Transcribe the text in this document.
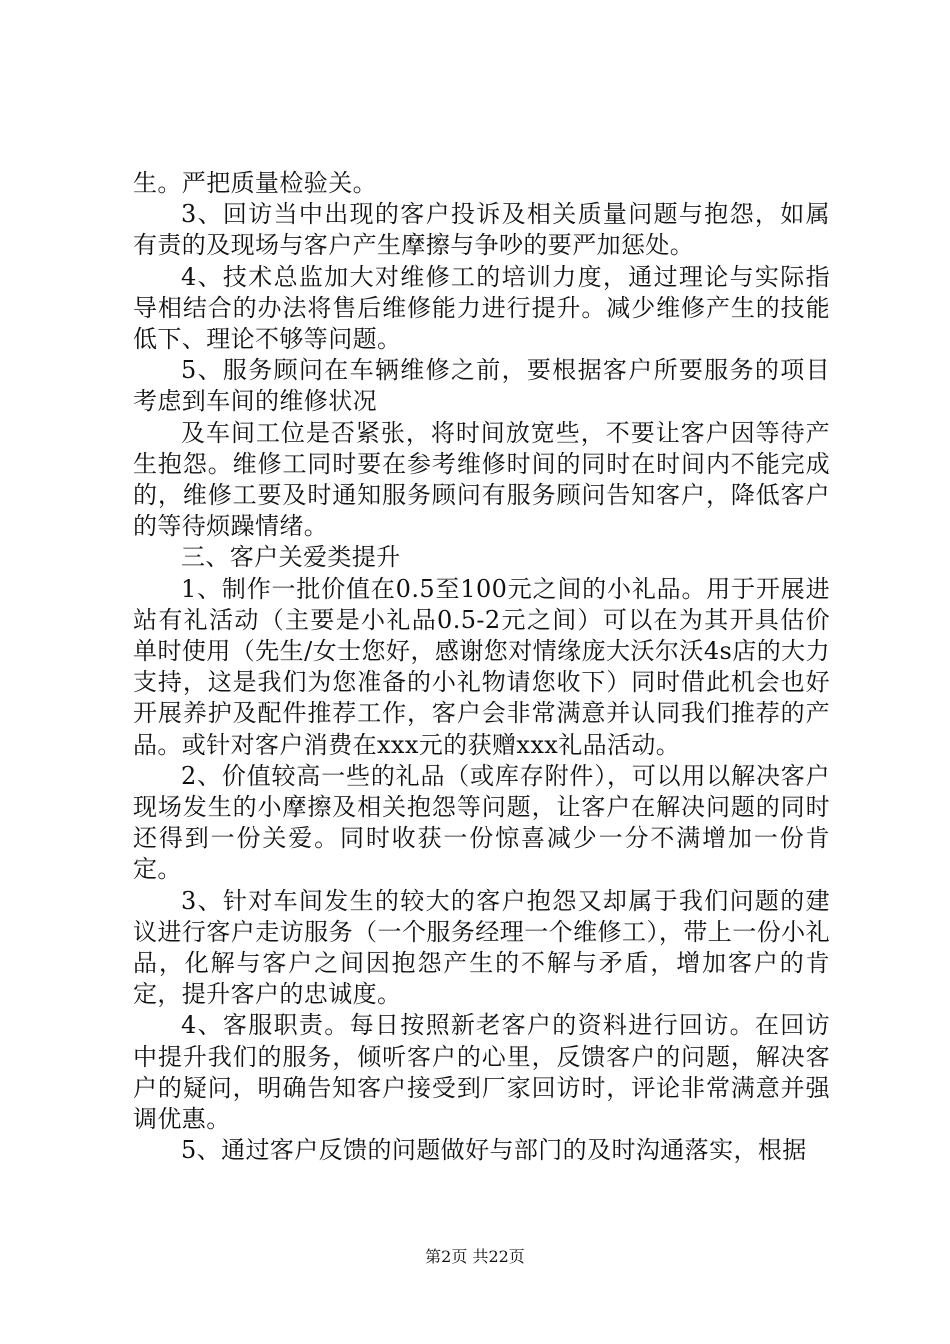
生。严把质量检验关。

3、回访当中出现的客户投诉及相关质量问题与抱怨，如属有责的及现场与客户产生摩擦与争吵的要严加惩处。

4、技术总监加大对维修工的培训力度，通过理论与实际指导相结合的办法将售后维修能力进行提升。减少维修产生的技能低下、理论不够等问题。

5、服务顾问在车辆维修之前，要根据客户所要服务的项目考虑到车间的维修状况

及车间工位是否紧张，将时间放宽些，不要让客户因等待产生抱怨。维修工同时要在参考维修时间的同时在时间内不能完成的，维修工要及时通知服务顾问有服务顾问告知客户，降低客户的等待烦躁情绪。

三、客户关爱类提升

1、制作一批价值在0.5至100元之间的小礼品。用于开展进站有礼活动（主要是小礼品0.5-2元之间）可以在为其开具估价单时使用（先生/女士您好，感谢您对情缘庞大沃尔沃4s店的大力支持，这是我们为您准备的小礼物请您收下）同时借此机会也好开展养护及配件推荐工作，客户会非常满意并认同我们推荐的产品。或针对客户消费在xxx元的获赠xxx礼品活动。

2、价值较高一些的礼品（或库存附件），可以用以解决客户现场发生的小摩擦及相关抱怨等问题，让客户在解决问题的同时还得到一份关爱。同时收获一份惊喜减少一分不满增加一份肯定。

3、针对车间发生的较大的客户抱怨又却属于我们问题的建议进行客户走访服务（一个服务经理一个维修工），带上一份小礼品，化解与客户之间因抱怨产生的不解与矛盾，增加客户的肯定，提升客户的忠诚度。

4、客服职责。每日按照新老客户的资料进行回访。在回访中提升我们的服务，倾听客户的心里，反馈客户的问题，解决客户的疑问，明确告知客户接受到厂家回访时，评论非常满意并强调优惠。

5、通过客户反馈的问题做好与部门的及时沟通落实，根据

第2页 共22页
